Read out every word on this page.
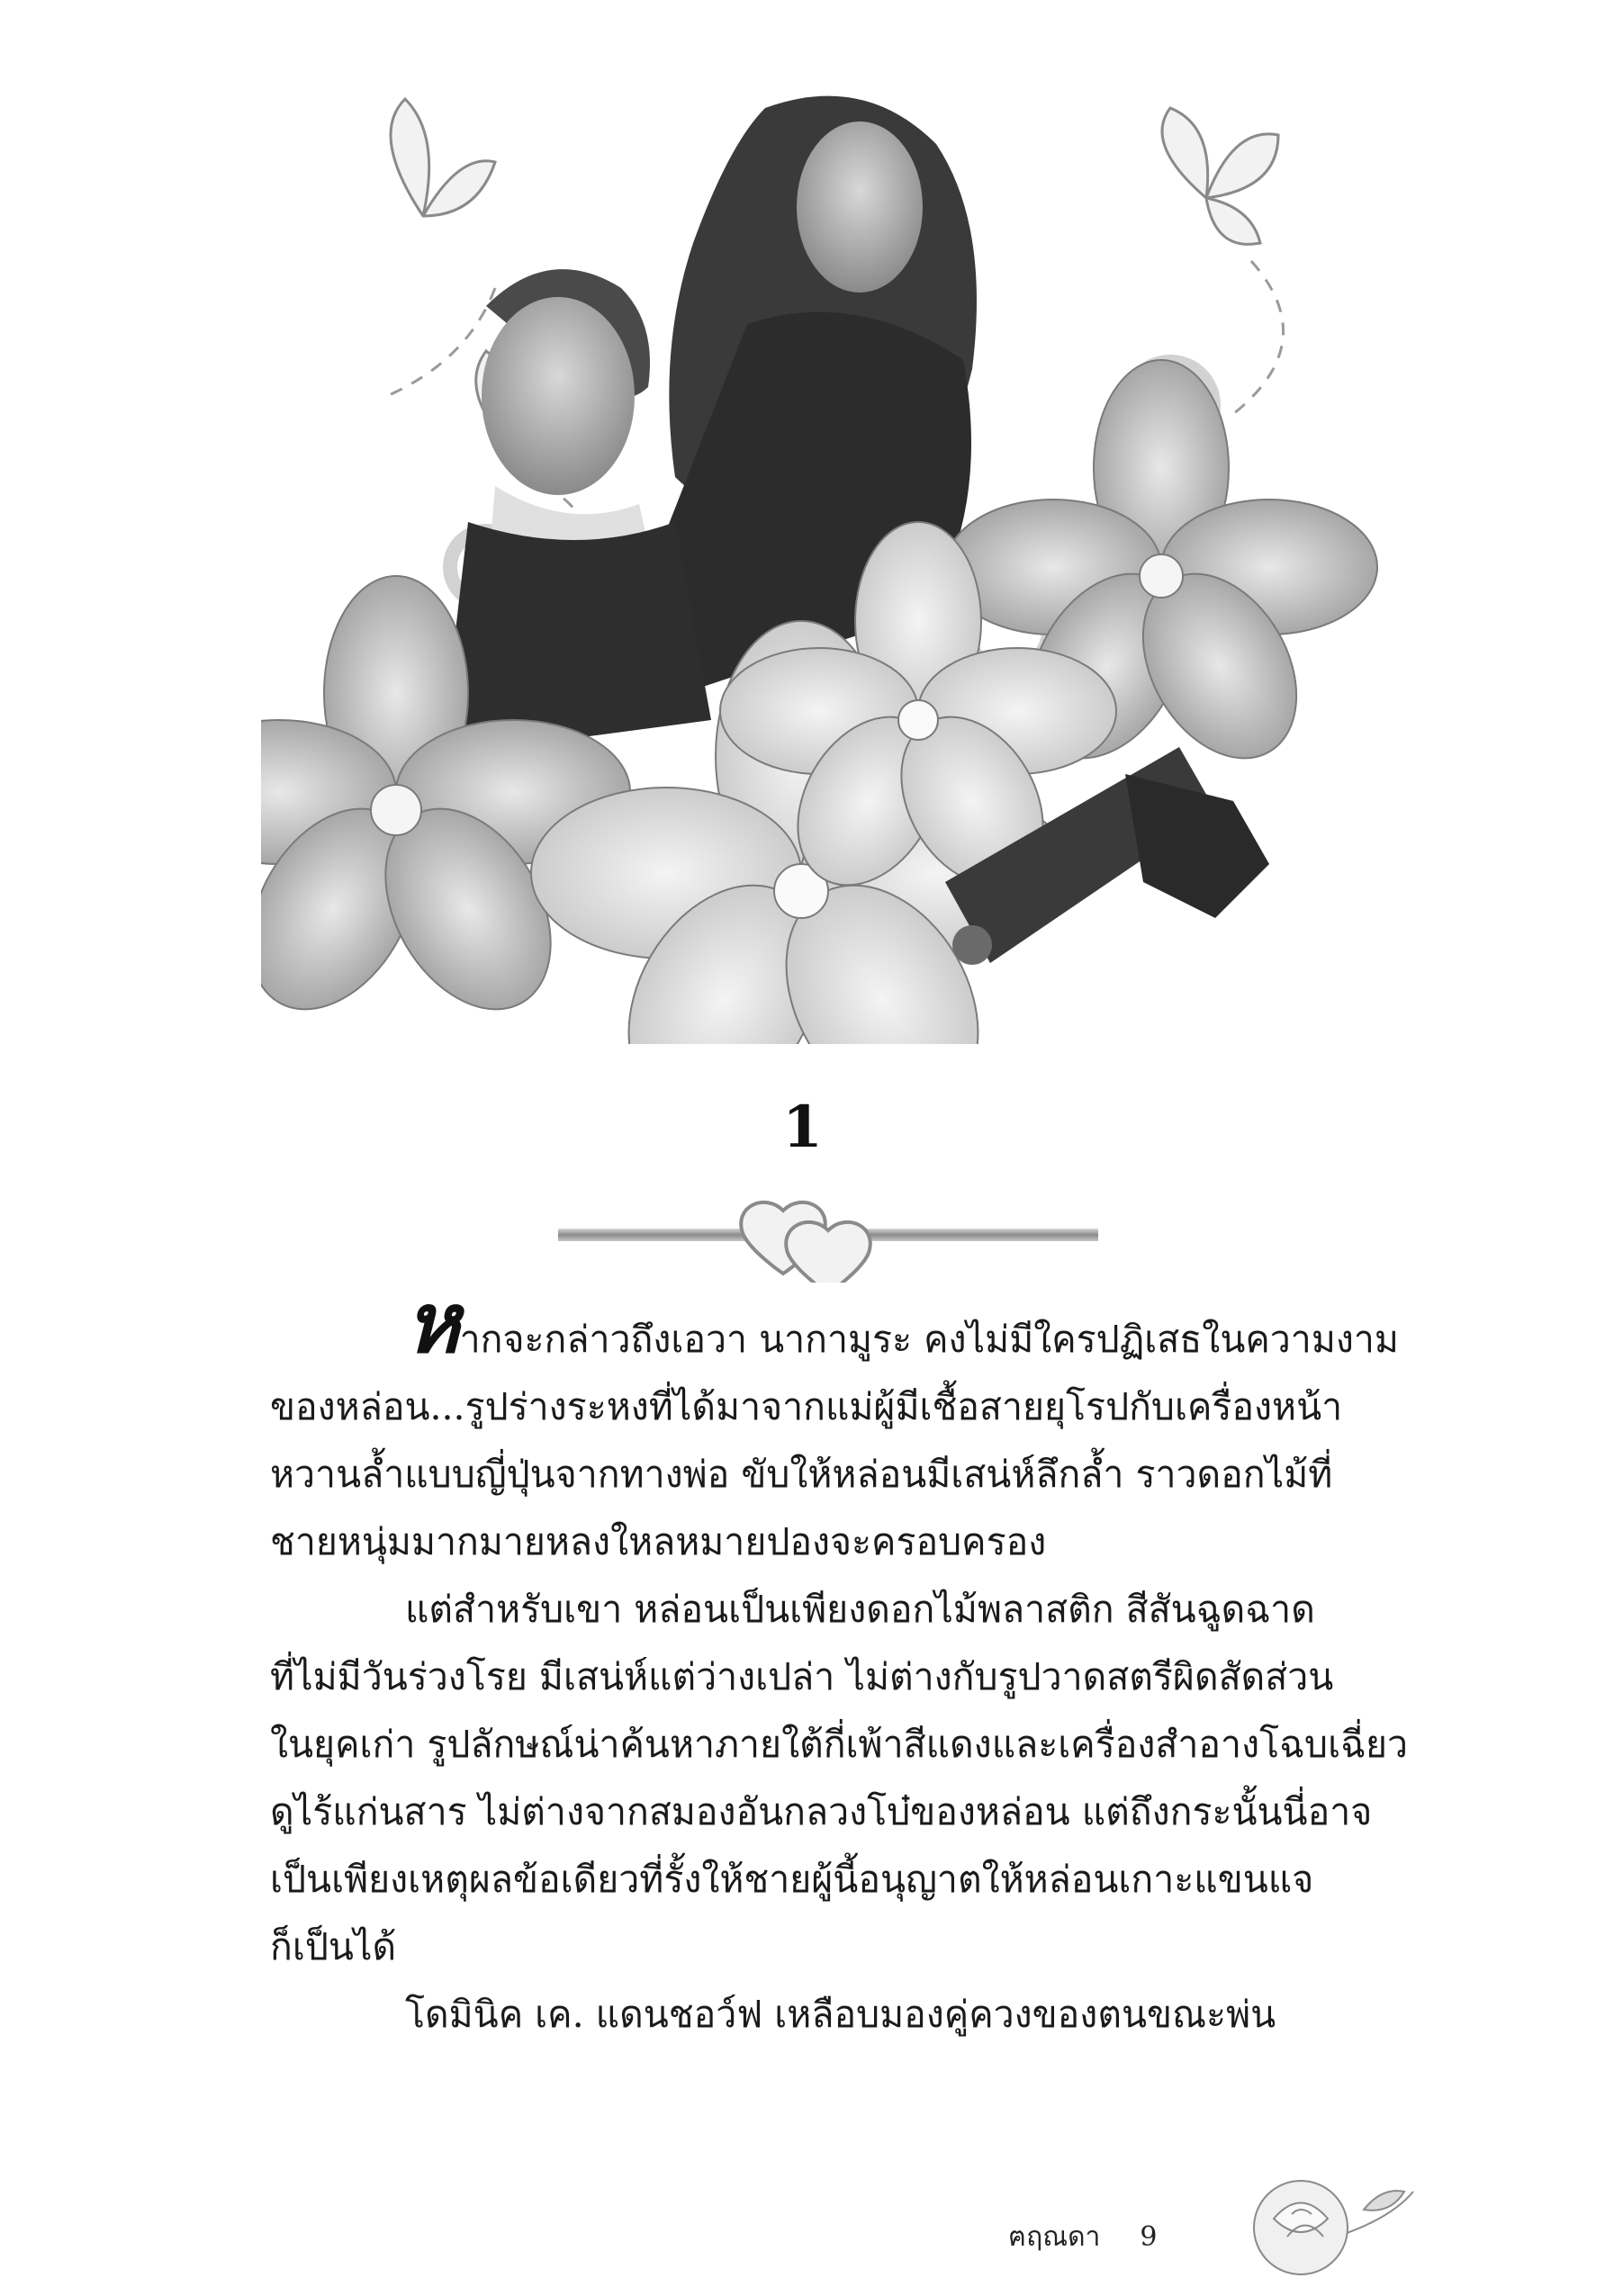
1

หากจะกล่าวถึงเอวา นากามูระ คงไม่มีใครปฏิเสธในความงาม

ของหล่อน...รูปร่างระหงที่ได้มาจากแม่ผู้มีเชื้อสายยุโรปกับเครื่องหน้า
หวานล้ำแบบญี่ปุ่นจากทางพ่อ ขับให้หล่อนมีเสน่ห์ลึกล้ำ ราวดอกไม้ที่
ชายหนุ่มมากมายหลงใหลหมายปองจะครอบครอง

แต่สำหรับเขา หล่อนเป็นเพียงดอกไม้พลาสติก สีสันฉูดฉาด

ที่ไม่มีวันร่วงโรย มีเสน่ห์แต่ว่างเปล่า ไม่ต่างกับรูปวาดสตรีผิดสัดส่วน
ในยุคเก่า รูปลักษณ์น่าค้นหาภายใต้กี่เพ้าสีแดงและเครื่องสำอางโฉบเฉี่ยว
ดูไร้แก่นสาร ไม่ต่างจากสมองอันกลวงโบ๋ของหล่อน แต่ถึงกระนั้นนี่อาจ
เป็นเพียงเหตุผลข้อเดียวที่รั้งให้ชายผู้นี้อนุญาตให้หล่อนเกาะแขนแจ
ก็เป็นได้

โดมินิค เค. แดนชอว์ฟ เหลือบมองคู่ควงของตนขณะพ่น

ฅฤณดา 9
